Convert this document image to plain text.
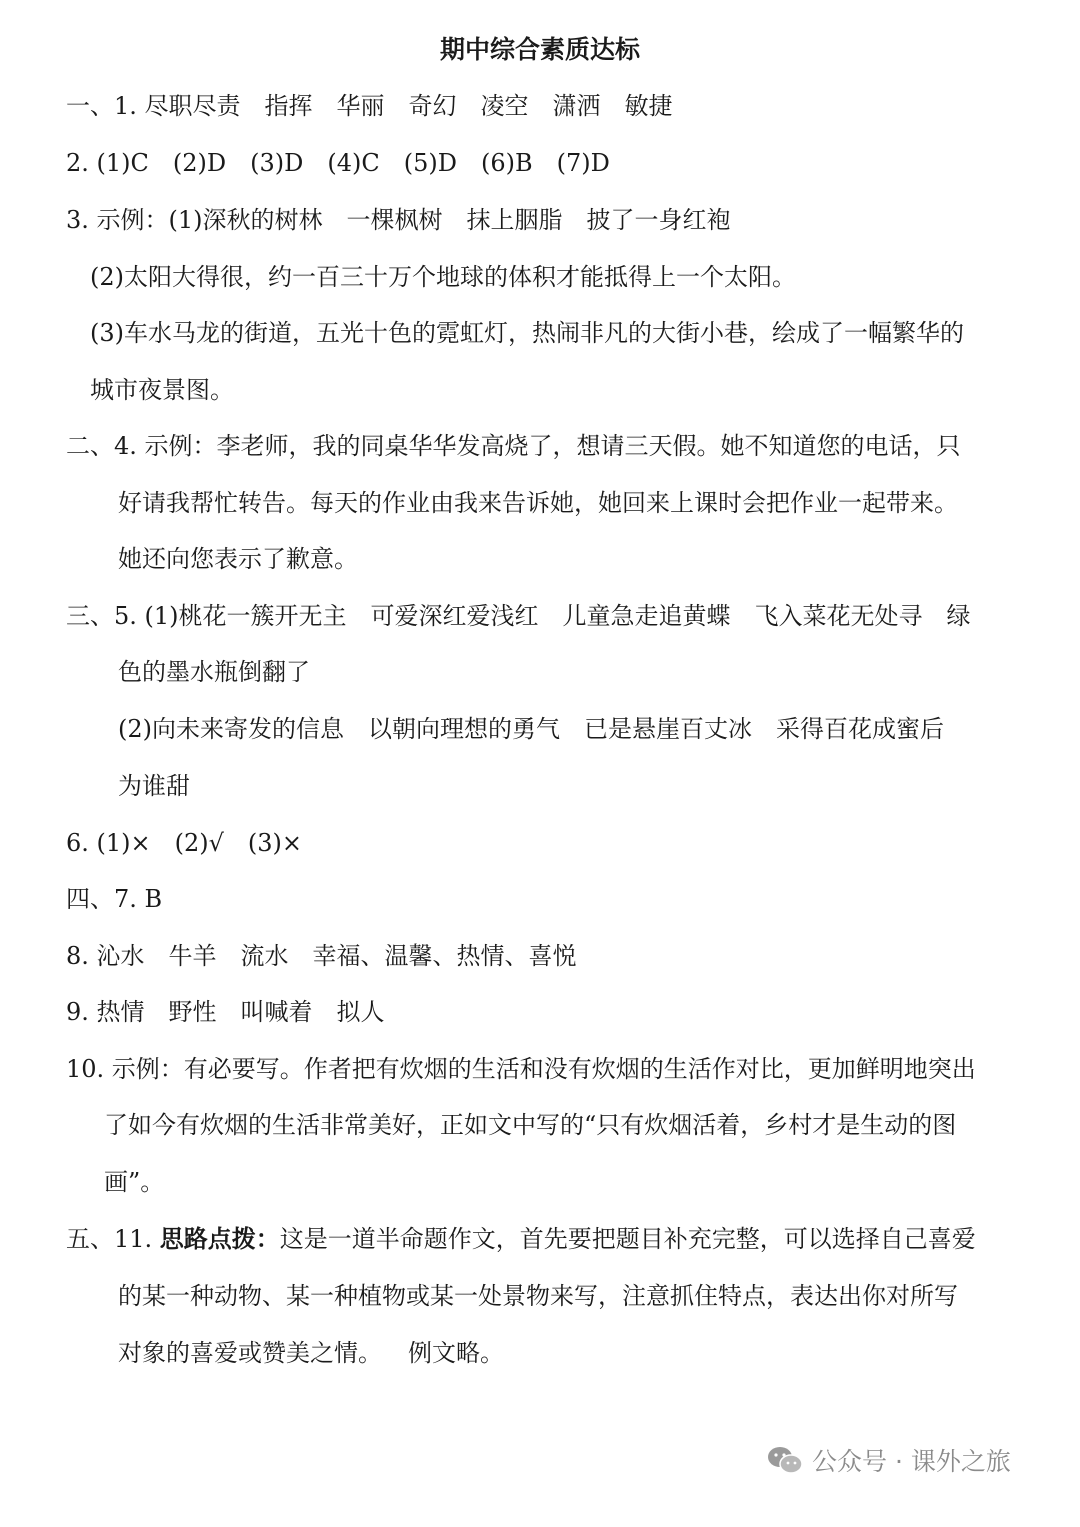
期中综合素质达标
一、1. 尽职尽责　指挥　华丽　奇幻　凌空　潇洒　敏捷
2. (1)C　(2)D　(3)D　(4)C　(5)D　(6)B　(7)D
3. 示例：(1)深秋的树林　一棵枫树　抹上胭脂　披了一身红袍
(2)太阳大得很，约一百三十万个地球的体积才能抵得上一个太阳。
(3)车水马龙的街道，五光十色的霓虹灯，热闹非凡的大街小巷，绘成了一幅繁华的
城市夜景图。
二、4. 示例：李老师，我的同桌华华发高烧了，想请三天假。她不知道您的电话，只
好请我帮忙转告。每天的作业由我来告诉她，她回来上课时会把作业一起带来。
她还向您表示了歉意。
三、5. (1)桃花一簇开无主　可爱深红爱浅红　儿童急走追黄蝶　飞入菜花无处寻　绿
色的墨水瓶倒翻了
(2)向未来寄发的信息　以朝向理想的勇气　已是悬崖百丈冰　采得百花成蜜后
为谁甜
6. (1)×　(2)√　(3)×
四、7. B
8. 沁水　牛羊　流水　幸福、温馨、热情、喜悦
9. 热情　野性　叫喊着　拟人
10. 示例：有必要写。作者把有炊烟的生活和没有炊烟的生活作对比，更加鲜明地突出
了如今有炊烟的生活非常美好，正如文中写的“只有炊烟活着，乡村才是生动的图
画”。
五、11. 思路点拨：这是一道半命题作文，首先要把题目补充完整，可以选择自己喜爱
的某一种动物、某一种植物或某一处景物来写，注意抓住特点，表达出你对所写
对象的喜爱或赞美之情。 例文略。
公众号 · 课外之旅
